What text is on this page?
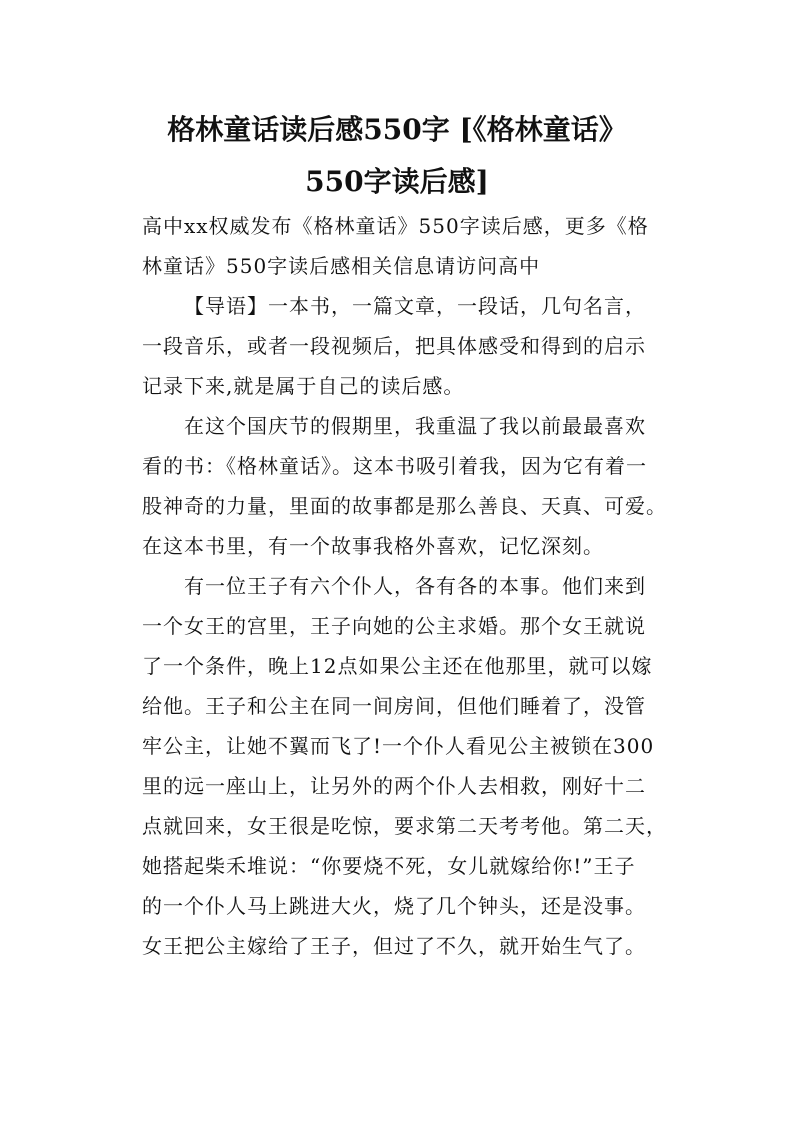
格林童话读后感550字 [《格林童话》
550字读后感]

高中xx权威发布《格林童话》550字读后感，更多《格
林童话》550字读后感相关信息请访问高中

【导语】一本书，一篇文章，一段话，几句名言，
一段音乐，或者一段视频后，把具体感受和得到的启示
记录下来,就是属于自己的读后感。

在这个国庆节的假期里，我重温了我以前最最喜欢
看的书：《格林童话》。这本书吸引着我，因为它有着一
股神奇的力量，里面的故事都是那么善良、天真、可爱。
在这本书里，有一个故事我格外喜欢，记忆深刻。

有一位王子有六个仆人，各有各的本事。他们来到
一个女王的宫里，王子向她的公主求婚。那个女王就说
了一个条件，晚上12点如果公主还在他那里，就可以嫁
给他。王子和公主在同一间房间，但他们睡着了，没管
牢公主，让她不翼而飞了!一个仆人看见公主被锁在300
里的远一座山上，让另外的两个仆人去相救，刚好十二
点就回来，女王很是吃惊，要求第二天考考他。第二天，
她搭起柴禾堆说：“你要烧不死，女儿就嫁给你!”王子
的一个仆人马上跳进大火，烧了几个钟头，还是没事。
女王把公主嫁给了王子，但过了不久，就开始生气了。
